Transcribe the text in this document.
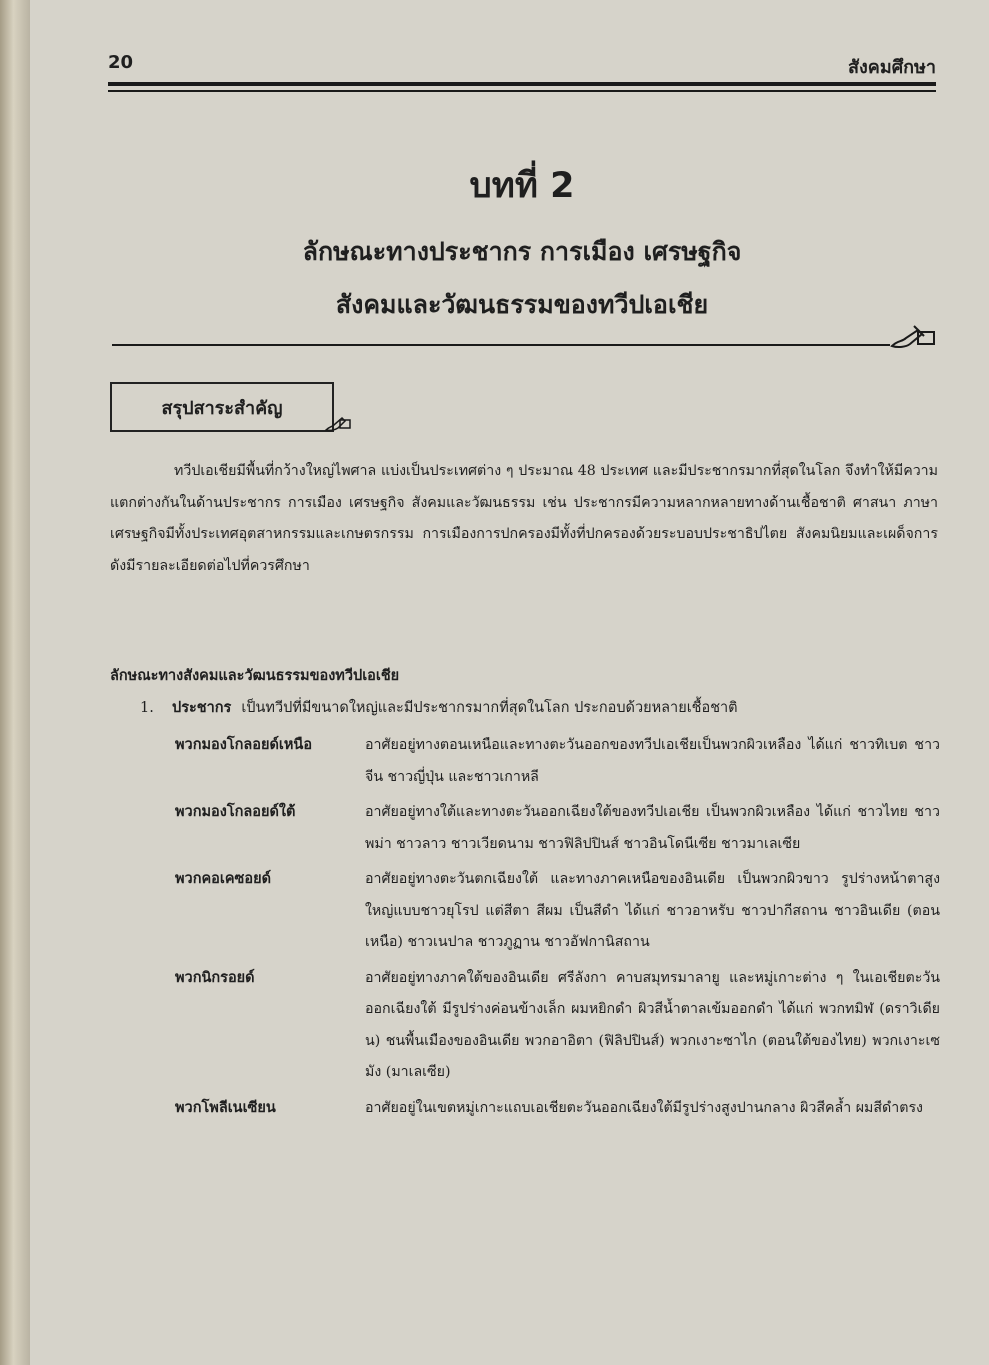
20	สังคมศึกษา
บทที่ 2
ลักษณะทางประชากร การเมือง เศรษฐกิจ
สังคมและวัฒนธรรมของทวีปเอเชีย
สรุปสาระสำคัญ
ทวีปเอเชียมีพื้นที่กว้างใหญ่ไพศาล แบ่งเป็นประเทศต่าง ๆ ประมาณ 48 ประเทศ และมีประชากรมากที่สุดในโลก จึงทำให้มีความแตกต่างกันในด้านประชากร การเมือง เศรษฐกิจ สังคมและวัฒนธรรม เช่น ประชากรมีความหลากหลายทางด้านเชื้อชาติ ศาสนา ภาษา เศรษฐกิจมีทั้งประเทศอุตสาหกรรมและเกษตรกรรม การเมืองการปกครองมีทั้งที่ปกครองด้วยระบอบประชาธิปไตย สังคมนิยมและเผด็จการ ดังมีรายละเอียดต่อไปที่ควรศึกษา
ลักษณะทางสังคมและวัฒนธรรมของทวีปเอเชีย
1. ประชากร เป็นทวีปที่มีขนาดใหญ่และมีประชากรมากที่สุดในโลก ประกอบด้วยหลายเชื้อชาติ
พวกมองโกลอยด์เหนือ	อาศัยอยู่ทางตอนเหนือและทางตะวันออกของทวีปเอเชียเป็นพวกผิวเหลือง ได้แก่ ชาวทิเบต ชาวจีน ชาวญี่ปุ่น และชาวเกาหลี
พวกมองโกลอยด์ใต้	อาศัยอยู่ทางใต้และทางตะวันออกเฉียงใต้ของทวีปเอเชีย เป็นพวกผิวเหลือง ได้แก่ ชาวไทย ชาวพม่า ชาวลาว ชาวเวียดนาม ชาวฟิลิปปินส์ ชาวอินโดนีเซีย ชาวมาเลเซีย
พวกคอเคซอยด์	อาศัยอยู่ทางตะวันตกเฉียงใต้ และทางภาคเหนือของอินเดีย เป็นพวกผิวขาว รูปร่างหน้าตาสูงใหญ่แบบชาวยุโรป แต่สีตา สีผม เป็นสีดำ ได้แก่ ชาวอาหรับ ชาวปากีสถาน ชาวอินเดีย (ตอนเหนือ) ชาวเนปาล ชาวภูฏาน ชาวอัฟกานิสถาน
พวกนิกรอยด์	อาศัยอยู่ทางภาคใต้ของอินเดีย ศรีลังกา คาบสมุทรมาลายู และหมู่เกาะต่าง ๆ ในเอเชียตะวันออกเฉียงใต้ มีรูปร่างค่อนข้างเล็ก ผมหยิกดำ ผิวสีน้ำตาลเข้มออกดำ ได้แก่ พวกทมิฬ (ดราวิเดียน) ชนพื้นเมืองของอินเดีย พวกอาอิตา (ฟิลิปปินส์) พวกเงาะซาไก (ตอนใต้ของไทย) พวกเงาะเซมัง (มาเลเซีย)
พวกโพลีเนเซียน	อาศัยอยู่ในเขตหมู่เกาะแถบเอเชียตะวันออกเฉียงใต้มีรูปร่างสูงปานกลาง ผิวสีคล้ำ ผมสีดำตรง
